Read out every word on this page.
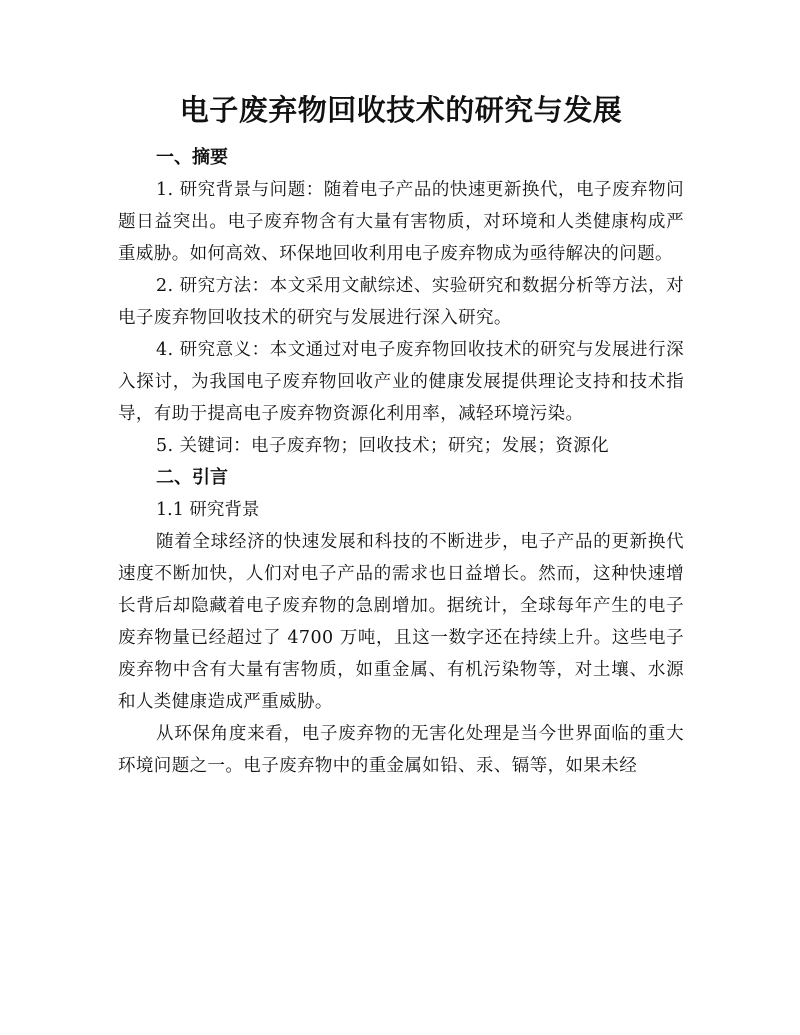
电子废弃物回收技术的研究与发展
一、摘要

1. 研究背景与问题：随着电子产品的快速更新换代，电子废弃物问题日益突出。电子废弃物含有大量有害物质，对环境和人类健康构成严重威胁。如何高效、环保地回收利用电子废弃物成为亟待解决的问题。

2. 研究方法：本文采用文献综述、实验研究和数据分析等方法，对电子废弃物回收技术的研究与发展进行深入研究。

4. 研究意义：本文通过对电子废弃物回收技术的研究与发展进行深入探讨，为我国电子废弃物回收产业的健康发展提供理论支持和技术指导，有助于提高电子废弃物资源化利用率，减轻环境污染。

5. 关键词：电子废弃物；回收技术；研究；发展；资源化

二、引言
1.1 研究背景

随着全球经济的快速发展和科技的不断进步，电子产品的更新换代速度不断加快，人们对电子产品的需求也日益增长。然而，这种快速增长背后却隐藏着电子废弃物的急剧增加。据统计，全球每年产生的电子废弃物量已经超过了 4700 万吨，且这一数字还在持续上升。这些电子废弃物中含有大量有害物质，如重金属、有机污染物等，对土壤、水源和人类健康造成严重威胁。

从环保角度来看，电子废弃物的无害化处理是当今世界面临的重大环境问题之一。电子废弃物中的重金属如铅、汞、镉等，如果未经
